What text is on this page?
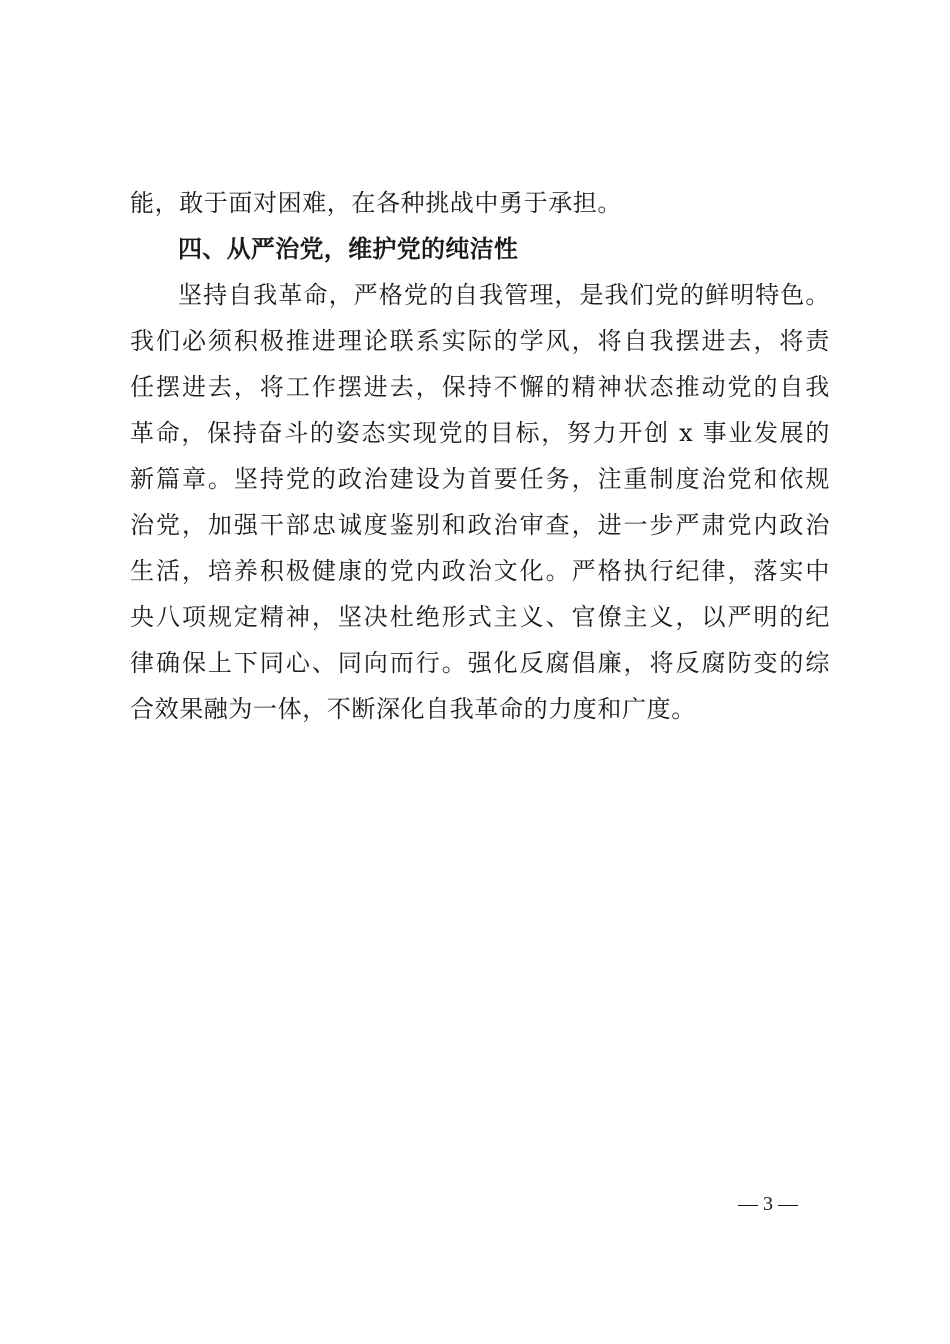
能，敢于面对困难，在各种挑战中勇于承担。
四、从严治党，维护党的纯洁性
坚持自我革命，严格党的自我管理，是我们党的鲜明特色。
我们必须积极推进理论联系实际的学风，将自我摆进去，将责
任摆进去，将工作摆进去，保持不懈的精神状态推动党的自我
革命，保持奋斗的姿态实现党的目标，努力开创 x 事业发展的
新篇章。坚持党的政治建设为首要任务，注重制度治党和依规
治党，加强干部忠诚度鉴别和政治审查，进一步严肃党内政治
生活，培养积极健康的党内政治文化。严格执行纪律，落实中
央八项规定精神，坚决杜绝形式主义、官僚主义，以严明的纪
律确保上下同心、同向而行。强化反腐倡廉，将反腐防变的综
合效果融为一体，不断深化自我革命的力度和广度。
— 3 —
